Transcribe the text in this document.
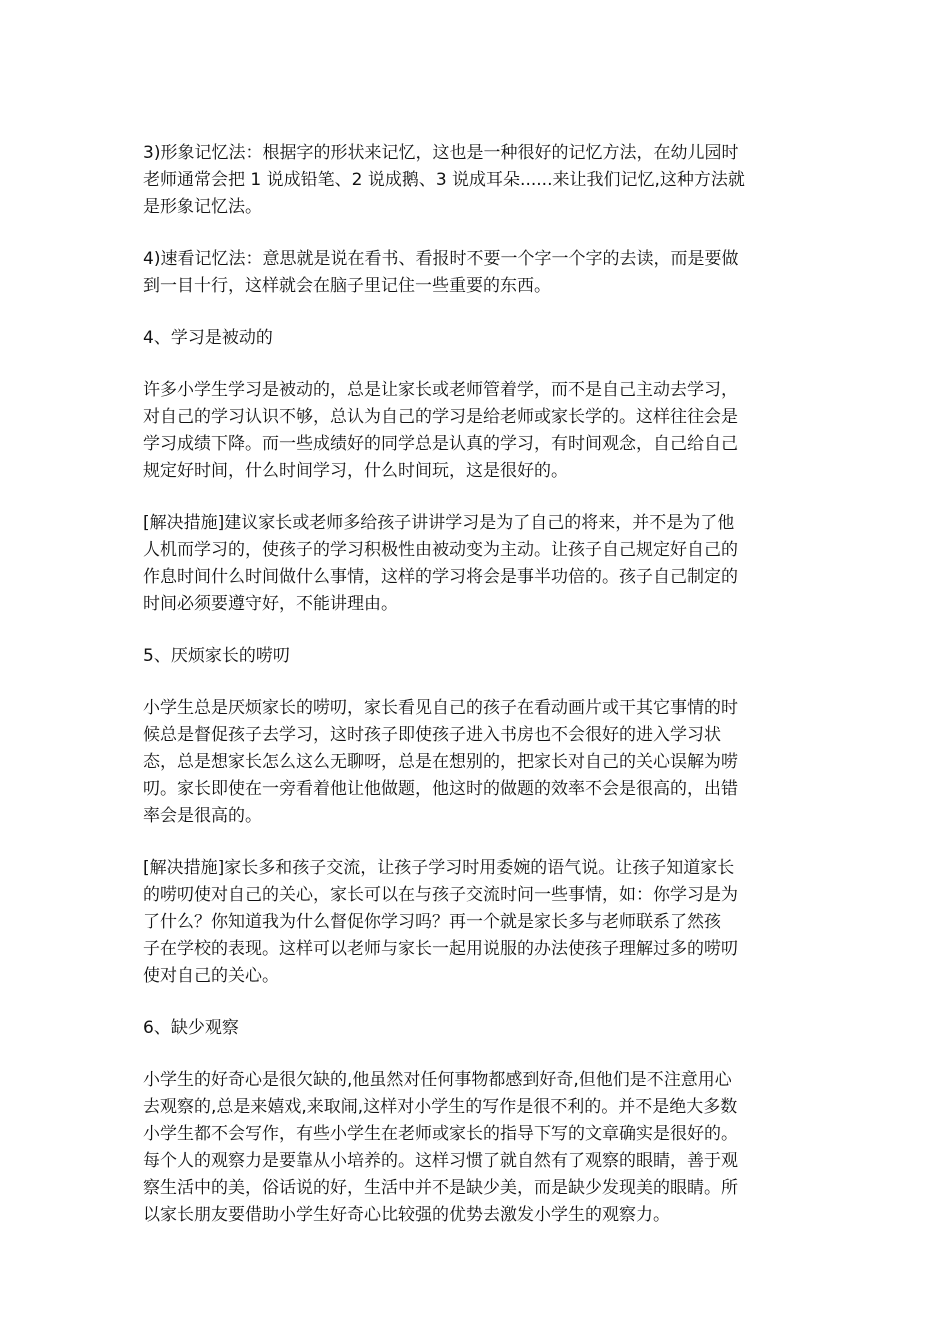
3)形象记忆法：根据字的形状来记忆，这也是一种很好的记忆方法，在幼儿园时
老师通常会把 1 说成铅笔、2 说成鹅、3 说成耳朵......来让我们记忆,这种方法就
是形象记忆法。
4)速看记忆法：意思就是说在看书、看报时不要一个字一个字的去读，而是要做
到一目十行，这样就会在脑子里记住一些重要的东西。
4、学习是被动的
许多小学生学习是被动的，总是让家长或老师管着学，而不是自己主动去学习，
对自己的学习认识不够，总认为自己的学习是给老师或家长学的。这样往往会是
学习成绩下降。而一些成绩好的同学总是认真的学习，有时间观念，自己给自己
规定好时间，什么时间学习，什么时间玩，这是很好的。
[解决措施]建议家长或老师多给孩子讲讲学习是为了自己的将来，并不是为了他
人机而学习的，使孩子的学习积极性由被动变为主动。让孩子自己规定好自己的
作息时间什么时间做什么事情，这样的学习将会是事半功倍的。孩子自己制定的
时间必须要遵守好，不能讲理由。
5、厌烦家长的唠叨
小学生总是厌烦家长的唠叨，家长看见自己的孩子在看动画片或干其它事情的时
候总是督促孩子去学习，这时孩子即使孩子进入书房也不会很好的进入学习状
态，总是想家长怎么这么无聊呀，总是在想别的，把家长对自己的关心误解为唠
叨。家长即使在一旁看着他让他做题，他这时的做题的效率不会是很高的，出错
率会是很高的。
[解决措施]家长多和孩子交流，让孩子学习时用委婉的语气说。让孩子知道家长
的唠叨使对自己的关心，家长可以在与孩子交流时问一些事情，如：你学习是为
了什么？你知道我为什么督促你学习吗？再一个就是家长多与老师联系了然孩
子在学校的表现。这样可以老师与家长一起用说服的办法使孩子理解过多的唠叨
使对自己的关心。
6、缺少观察
小学生的好奇心是很欠缺的,他虽然对任何事物都感到好奇,但他们是不注意用心
去观察的,总是来嬉戏,来取闹,这样对小学生的写作是很不利的。并不是绝大多数
小学生都不会写作，有些小学生在老师或家长的指导下写的文章确实是很好的。
每个人的观察力是要靠从小培养的。这样习惯了就自然有了观察的眼睛，善于观
察生活中的美，俗话说的好，生活中并不是缺少美，而是缺少发现美的眼睛。所
以家长朋友要借助小学生好奇心比较强的优势去激发小学生的观察力。
